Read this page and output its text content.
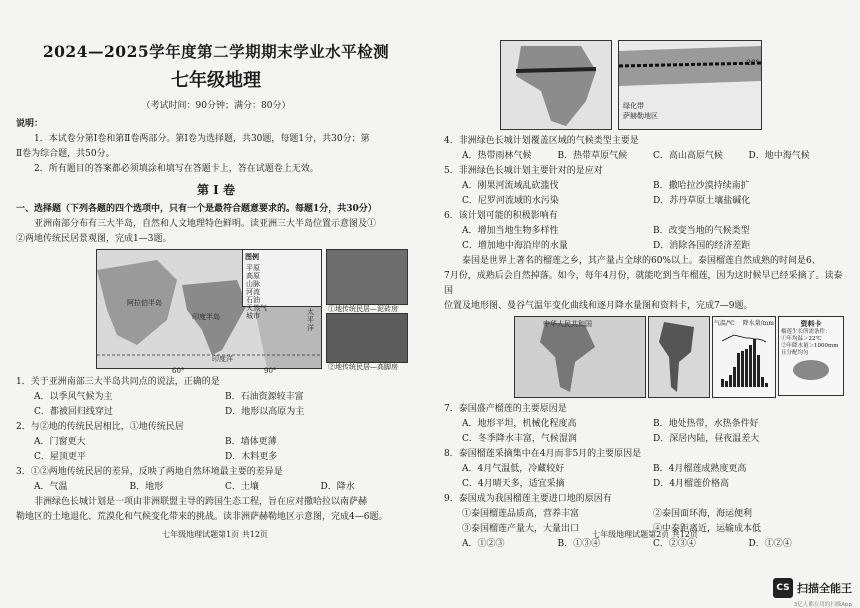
2024—2025学年度第二学期期末学业水平检测
七年级地理
（考试时间：90分钟；满分：80分）
说明：
1．本试卷分第Ⅰ卷和第Ⅱ卷两部分。第Ⅰ卷为选择题，共30题，每题1分，共30分；第
Ⅱ卷为综合题，共50分。
2．所有题目的答案都必须填涂和填写在答题卡上，答在试题卷上无效。
第 Ⅰ 卷
一、选择题（下列各题的四个选项中，只有一个是最符合题意要求的。每题1分，共30分）
亚洲南部分布有三大半岛，自然和人文地理特色鲜明。读亚洲三大半岛位置示意图及①
②两地传统民居景观图，完成1—3题。
阿拉伯半岛
印度半岛
印度洋
太平洋
图例
平原
高原
山脉
河流
石油
天然气
城市
60°	90°
①地传统民居—泥砖房
②地传统民居—高脚房
1．关于亚洲南部三大半岛共同点的说法，正确的是
A．以季风气候为主	B．石油资源较丰富
C．都被回归线穿过	D．地形以高原为主
2．与②地的传统民居相比，①地传统民居
A．门窗更大	B．墙体更薄
C．屋顶更平	D．木料更多
3．①②两地传统民居的差异，反映了两地自然环境最主要的差异是
A．气温	B．地形	C．土壤	D．降水
非洲绿色长城计划是一项由非洲联盟主导的跨国生态工程，旨在应对撒哈拉以南萨赫
勒地区的土地退化、荒漠化和气候变化带来的挑战。读非洲萨赫勒地区示意图，完成4—6题。
七年级地理试题第1页 共12页
20°
绿化带
萨赫勒地区
4．非洲绿色长城计划覆盖区域的气候类型主要是
A．热带雨林气候	B．热带草原气候	C．高山高原气候	D．地中海气候
5．非洲绿色长城计划主要针对的是应对
A．刚果河流域乱砍滥伐	B．撒哈拉沙漠持续南扩
C．尼罗河流域的水污染	D．苏丹草原土壤盐碱化
6．该计划可能的积极影响有
A．增加当地生物多样性	B．改变当地的气候类型
C．增加地中海沿岸的水量	D．消除各国的经济差距
泰国是世界上著名的榴莲之乡，其产量占全球的60%以上。泰国榴莲自然成熟的时间是6、
7月份，成熟后会自然掉落。如今，每年4月份，就能吃到当年榴莲，因为这时候早已经采摘了。读泰国
位置及地形图、曼谷气温年变化曲线和逐月降水量图和资料卡，完成7—9题。
中华人民共和国	气温/℃ 降水量/mm	资料卡
榴莲生长所需条件：
①年均温＞22℃
②年降水量＞1000mm且分配均匀
7．泰国盛产榴莲的主要原因是
A．地形平坦，机械化程度高	B．地处热带，水热条件好
C．冬季降水丰富，气候湿润	D．深居内陆，昼夜温差大
8．泰国榴莲采摘集中在4月而非5月的主要原因是
A．4月气温低，冷藏较好	B．4月榴莲成熟度更高
C．4月晴天多，适宜采摘	D．4月榴莲价格高
9．泰国成为我国榴莲主要进口地的原因有
①泰国榴莲品质高，营养丰富	②泰国面环海，海运便利
③泰国榴莲产量大，大量出口	④中泰距离近，运输成本低
A．①②③	B．①③④	C．②③④	D．①②④
七年级地理试题第2页 共12页
CS 扫描全能王
3亿人都在用的扫描App
